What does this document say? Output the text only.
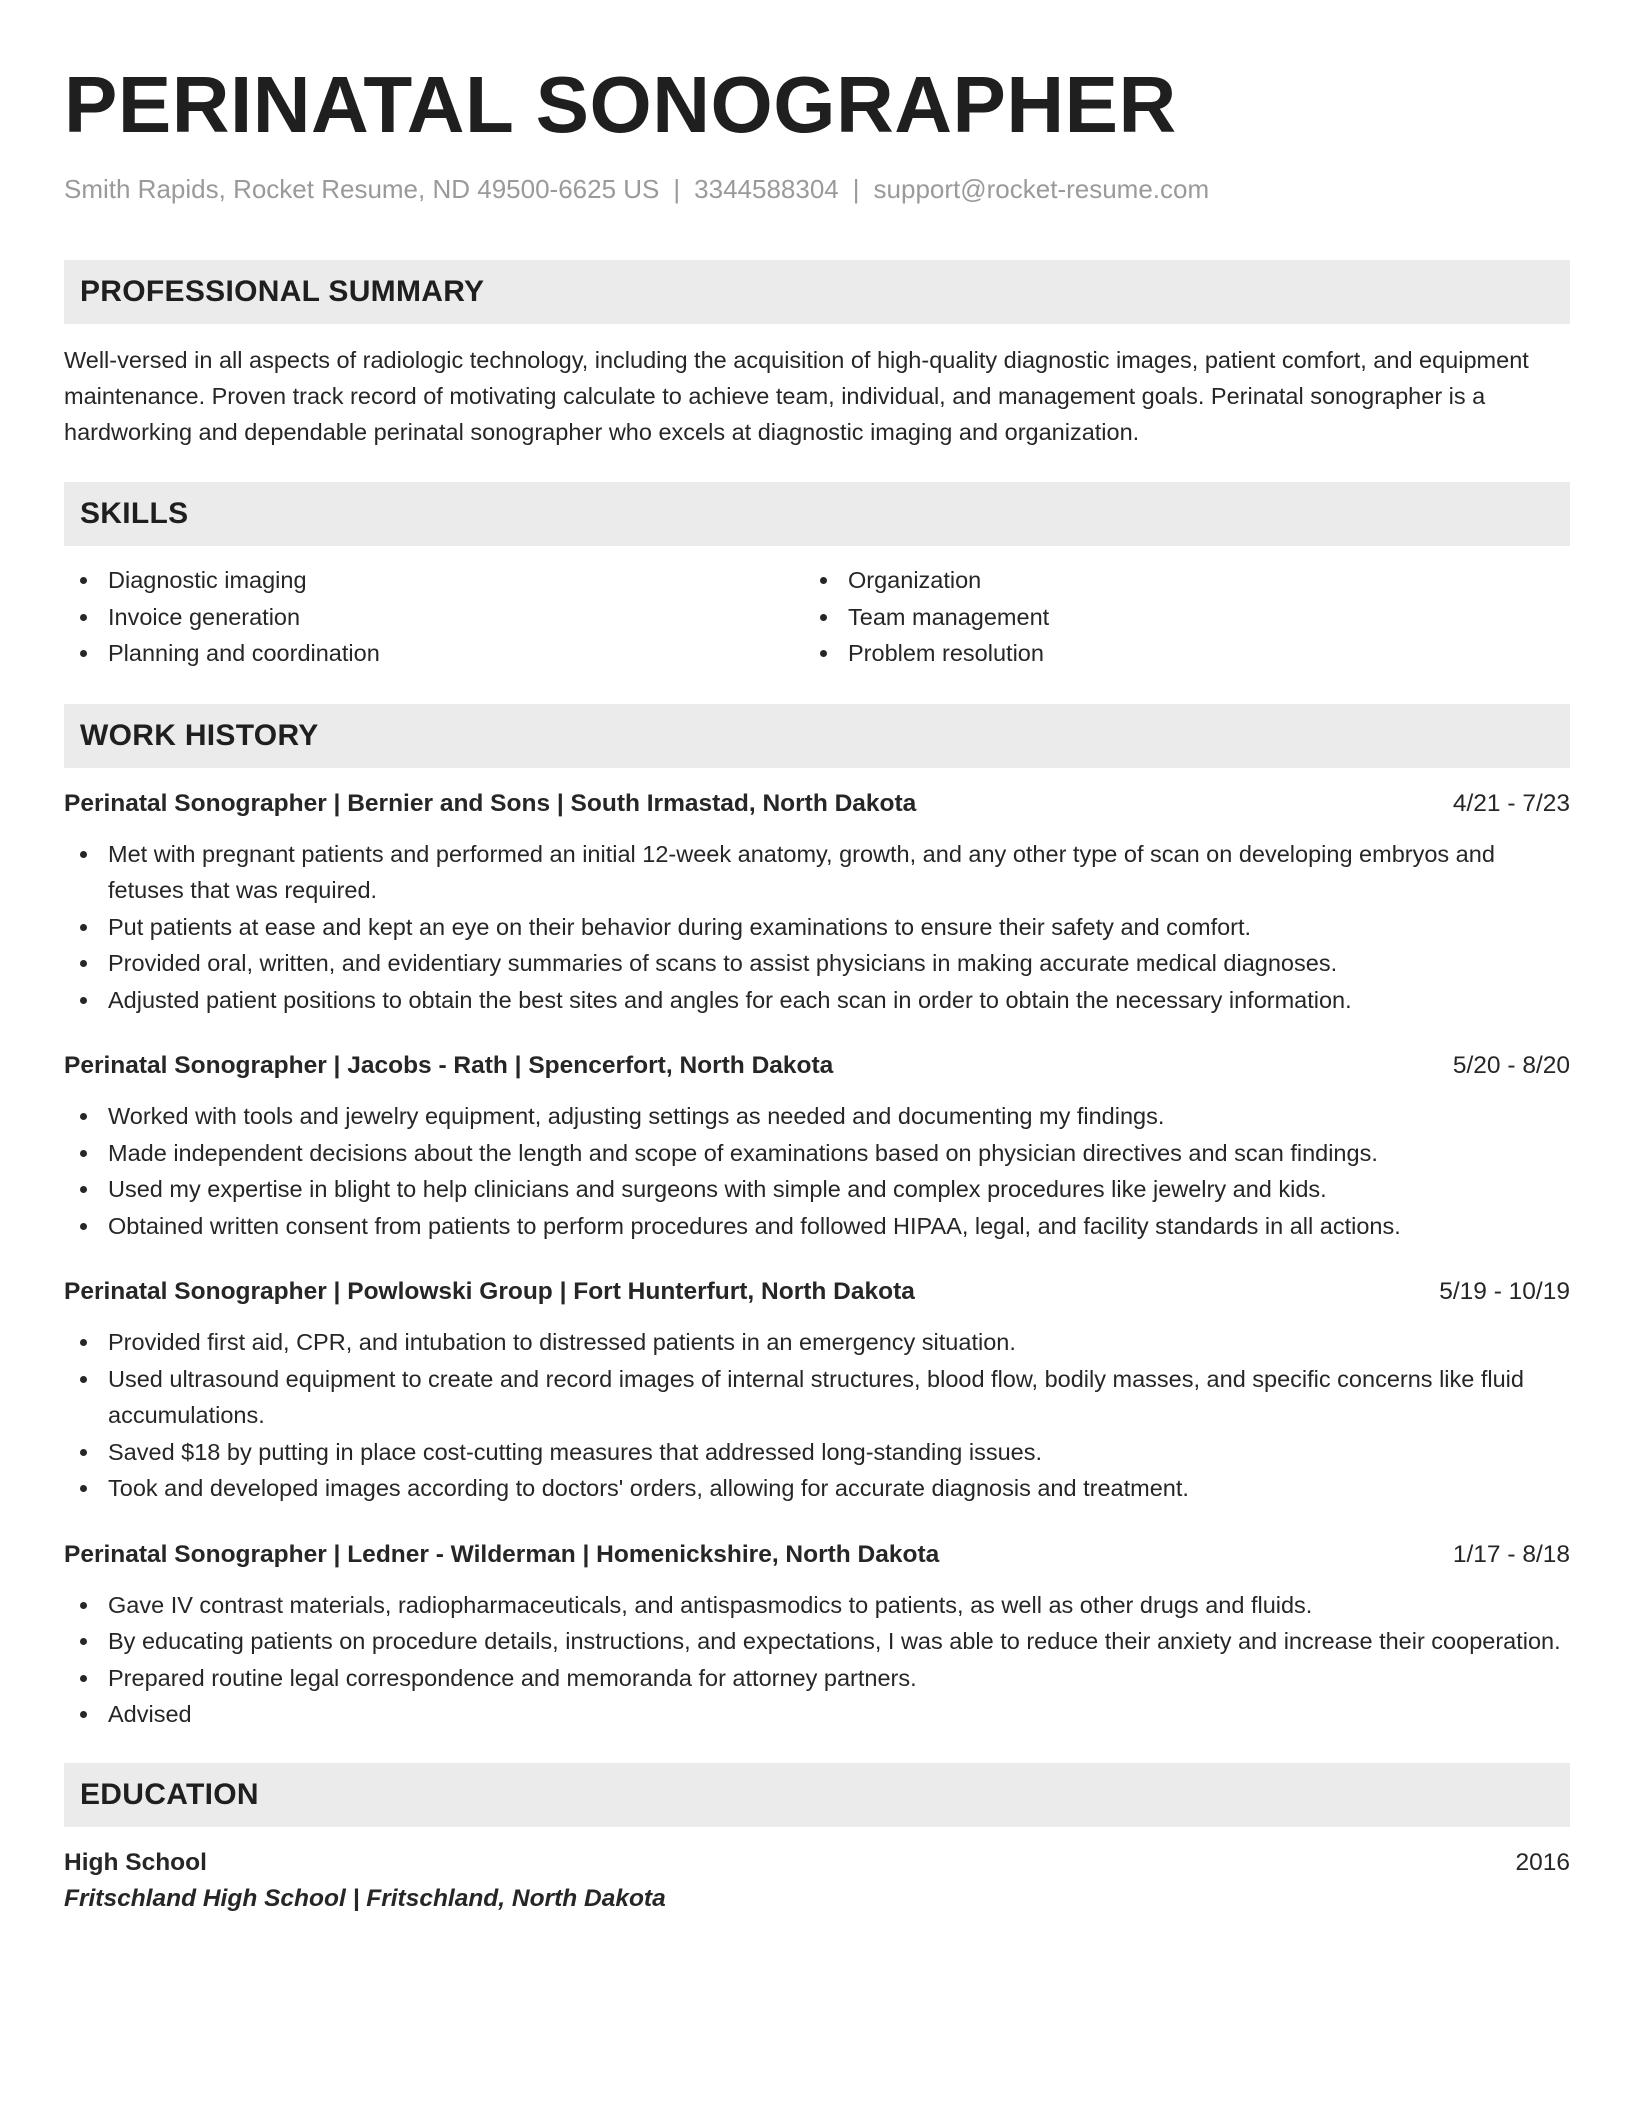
PERINATAL SONOGRAPHER
Smith Rapids, Rocket Resume, ND 49500-6625 US | 3344588304 | support@rocket-resume.com
PROFESSIONAL SUMMARY

Well-versed in all aspects of radiologic technology, including the acquisition of high-quality diagnostic images, patient comfort, and equipment maintenance. Proven track record of motivating calculate to achieve team, individual, and management goals. Perinatal sonographer is a hardworking and dependable perinatal sonographer who excels at diagnostic imaging and organization.

SKILLS
Diagnostic imaging
Invoice generation
Planning and coordination
Organization
Team management
Problem resolution
WORK HISTORY
Perinatal Sonographer | Bernier and Sons | South Irmastad, North Dakota	4/21 - 7/23
Met with pregnant patients and performed an initial 12-week anatomy, growth, and any other type of scan on developing embryos and fetuses that was required.
Put patients at ease and kept an eye on their behavior during examinations to ensure their safety and comfort.
Provided oral, written, and evidentiary summaries of scans to assist physicians in making accurate medical diagnoses.
Adjusted patient positions to obtain the best sites and angles for each scan in order to obtain the necessary information.
Perinatal Sonographer | Jacobs - Rath | Spencerfort, North Dakota	5/20 - 8/20
Worked with tools and jewelry equipment, adjusting settings as needed and documenting my findings.
Made independent decisions about the length and scope of examinations based on physician directives and scan findings.
Used my expertise in blight to help clinicians and surgeons with simple and complex procedures like jewelry and kids.
Obtained written consent from patients to perform procedures and followed HIPAA, legal, and facility standards in all actions.
Perinatal Sonographer | Powlowski Group | Fort Hunterfurt, North Dakota	5/19 - 10/19
Provided first aid, CPR, and intubation to distressed patients in an emergency situation.
Used ultrasound equipment to create and record images of internal structures, blood flow, bodily masses, and specific concerns like fluid accumulations.
Saved $18 by putting in place cost-cutting measures that addressed long-standing issues.
Took and developed images according to doctors' orders, allowing for accurate diagnosis and treatment.
Perinatal Sonographer | Ledner - Wilderman | Homenickshire, North Dakota	1/17 - 8/18
Gave IV contrast materials, radiopharmaceuticals, and antispasmodics to patients, as well as other drugs and fluids.
By educating patients on procedure details, instructions, and expectations, I was able to reduce their anxiety and increase their cooperation.
Prepared routine legal correspondence and memoranda for attorney partners.
Advised
EDUCATION
High School	2016
Fritschland High School | Fritschland, North Dakota
